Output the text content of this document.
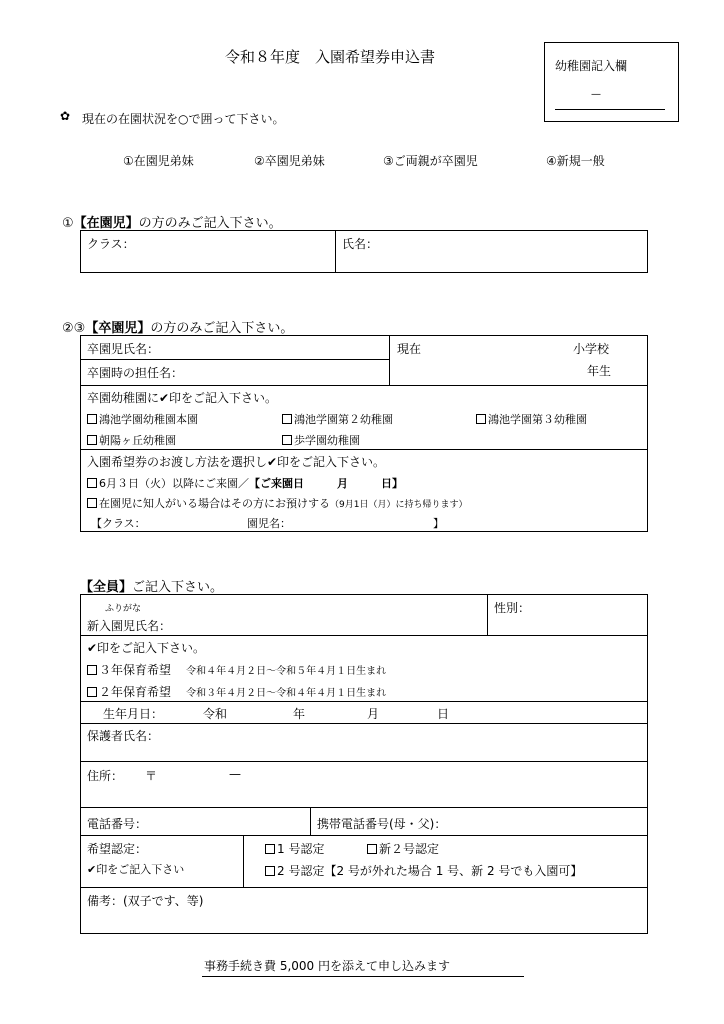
令和８年度　入園希望券申込書	幼稚園記入欄
—
✿ 現在の在園状況を○で囲って下さい。
①在園児弟妹	②卒園児弟妹	③ご両親が卒園児	④新規一般
①【在園児】の方のみご記入下さい。
クラス：	氏名：
②③【卒園児】の方のみご記入下さい。
卒園児氏名：
卒園時の担任名：
現在	小学校
年生
卒園幼稚園に✔印をご記入下さい。
鴻池学園幼稚園本園	鴻池学園第２幼稚園	鴻池学園第３幼稚園
朝陽ヶ丘幼稚園	歩学園幼稚園
入園希望券のお渡し方法を選択し✔印をご記入下さい。
6月３日（火）以降にご来園／【ご来園日　　　月　　　日】
在園児に知人がいる場合はその方にお預けする（9月1日（月）に持ち帰ります）
【クラス：	園児名：	】
【全員】ご記入下さい。
ふりがな
新入園児氏名：
性別：
✔印をご記入下さい。
３年保育希望 令和４年４月２日～令和５年４月１日生まれ
２年保育希望 令和３年４月２日～令和４年４月１日生まれ
生年月日：	令和	年	月	日
保護者氏名：
住所： 〒	—
電話番号：	携帯電話番号(母・父)：
希望認定：
✔印をご記入下さい
1 号認定	新２号認定
2 号認定【2 号が外れた場合 1 号、新 2 号でも入園可】
備考：(双子です、等)
事務手続き費 5,000 円を添えて申し込みます
